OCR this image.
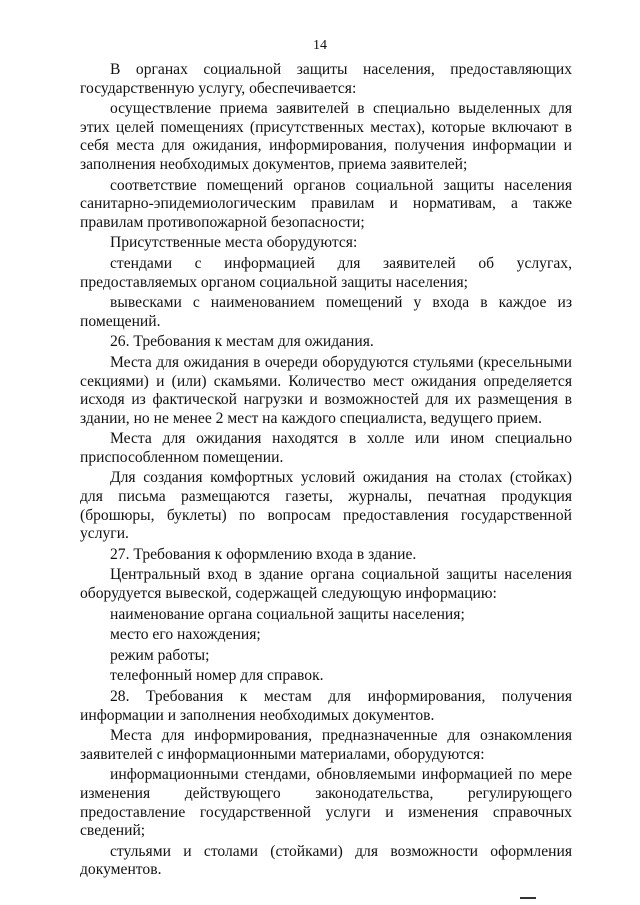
14

В органах социальной защиты населения, предоставляющих государственную услугу, обеспечивается:

осуществление приема заявителей в специально выделенных для этих целей помещениях (присутственных местах), которые включают в себя места для ожидания, информирования, получения информации и заполнения необходимых документов, приема заявителей;

соответствие помещений органов социальной защиты населения санитарно-эпидемиологическим правилам и нормативам, а также правилам противопожарной безопасности;

Присутственные места оборудуются:

стендами с информацией для заявителей об услугах, предоставляемых органом социальной защиты населения;

вывесками с наименованием помещений у входа в каждое из помещений.

26. Требования к местам для ожидания.

Места для ожидания в очереди оборудуются стульями (кресельными секциями) и (или) скамьями. Количество мест ожидания определяется исходя из фактической нагрузки и возможностей для их размещения в здании, но не менее 2 мест на каждого специалиста, ведущего прием.

Места для ожидания находятся в холле или ином специально приспособленном помещении.

Для создания комфортных условий ожидания на столах (стойках) для письма размещаются газеты, журналы, печатная продукция (брошюры, буклеты) по вопросам предоставления государственной услуги.

27. Требования к оформлению входа в здание.

Центральный вход в здание органа социальной защиты населения оборудуется вывеской, содержащей следующую информацию:

наименование органа социальной защиты населения;

место его нахождения;

режим работы;

телефонный номер для справок.

28. Требования к местам для информирования, получения информации и заполнения необходимых документов.

Места для информирования, предназначенные для ознакомления заявителей с информационными материалами, оборудуются:

информационными стендами, обновляемыми информацией по мере изменения действующего законодательства, регулирующего предоставление государственной услуги и изменения справочных сведений;

стульями и столами (стойками) для возможности оформления документов.
